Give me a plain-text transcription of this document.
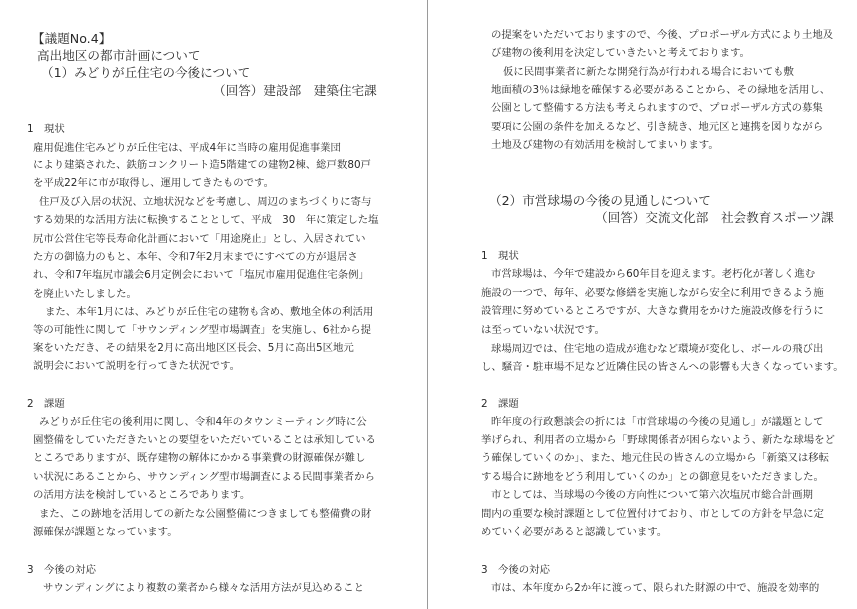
【議題No.4】
高出地区の都市計画について
（1）みどりが丘住宅の今後について
（回答）建設部　建築住宅課
1　現状
雇用促進住宅みどりが丘住宅は、平成4年に当時の雇用促進事業団
により建築された、鉄筋コンクリート造5階建ての建物2棟、総戸数80戸
を平成22年に市が取得し、運用してきたものです。
住戸及び入居の状況、立地状況などを考慮し、周辺のまちづくりに寄与
する効果的な活用方法に転換することとして、平成　30　年に策定した塩
尻市公営住宅等長寿命化計画において「用途廃止」とし、入居されてい
た方の御協力のもと、本年、令和7年2月末までにすべての方が退居さ
れ、令和7年塩尻市議会6月定例会において「塩尻市雇用促進住宅条例」
を廃止いたしました。
また、本年1月には、みどりが丘住宅の建物も含め、敷地全体の利活用
等の可能性に関して「サウンディング型市場調査」を実施し、6社から提
案をいただき、その結果を2月に高出地区区長会、5月に高出5区地元
説明会において説明を行ってきた状況です。
2　課題
みどりが丘住宅の後利用に関し、令和4年のタウンミーティング時に公
園整備をしていただきたいとの要望をいただいていることは承知している
ところでありますが、既存建物の解体にかかる事業費の財源確保が難し
い状況にあることから、サウンディング型市場調査による民間事業者から
の活用方法を検討しているところであります。
また、この跡地を活用しての新たな公園整備につきましても整備費の財
源確保が課題となっています。
3　今後の対応
サウンディングにより複数の業者から様々な活用方法が見込めること
の提案をいただいておりますので、今後、プロポーザル方式により土地及
び建物の後利用を決定していきたいと考えております。
仮に民間事業者に新たな開発行為が行われる場合においても敷
地面積の3％は緑地を確保する必要があることから、その緑地を活用し、
公園として整備する方法も考えられますので、プロポーザル方式の募集
要項に公園の条件を加えるなど、引き続き、地元区と連携を図りながら
土地及び建物の有効活用を検討してまいります。
（2）市営球場の今後の見通しについて
（回答）交流文化部　社会教育スポーツ課
1　現状
市営球場は、今年で建設から60年目を迎えます。老朽化が著しく進む
施設の一つで、毎年、必要な修繕を実施しながら安全に利用できるよう施
設管理に努めているところですが、大きな費用をかけた施設改修を行うに
は至っていない状況です。
球場周辺では、住宅地の造成が進むなど環境が変化し、ボールの飛び出
し、騒音・駐車場不足など近隣住民の皆さんへの影響も大きくなっています。
2　課題
昨年度の行政懇談会の折には「市営球場の今後の見通し」が議題として
挙げられ、利用者の立場から「野球関係者が困らないよう、新たな球場をど
う確保していくのか」、また、地元住民の皆さんの立場から「新築又は移転
する場合に跡地をどう利用していくのか」との御意見をいただきました。
市としては、当球場の今後の方向性について第六次塩尻市総合計画期
間内の重要な検討課題として位置付けており、市としての方針を早急に定
めていく必要があると認識しています。
3　今後の対応
市は、本年度から2か年に渡って、限られた財源の中で、施設を効率的
